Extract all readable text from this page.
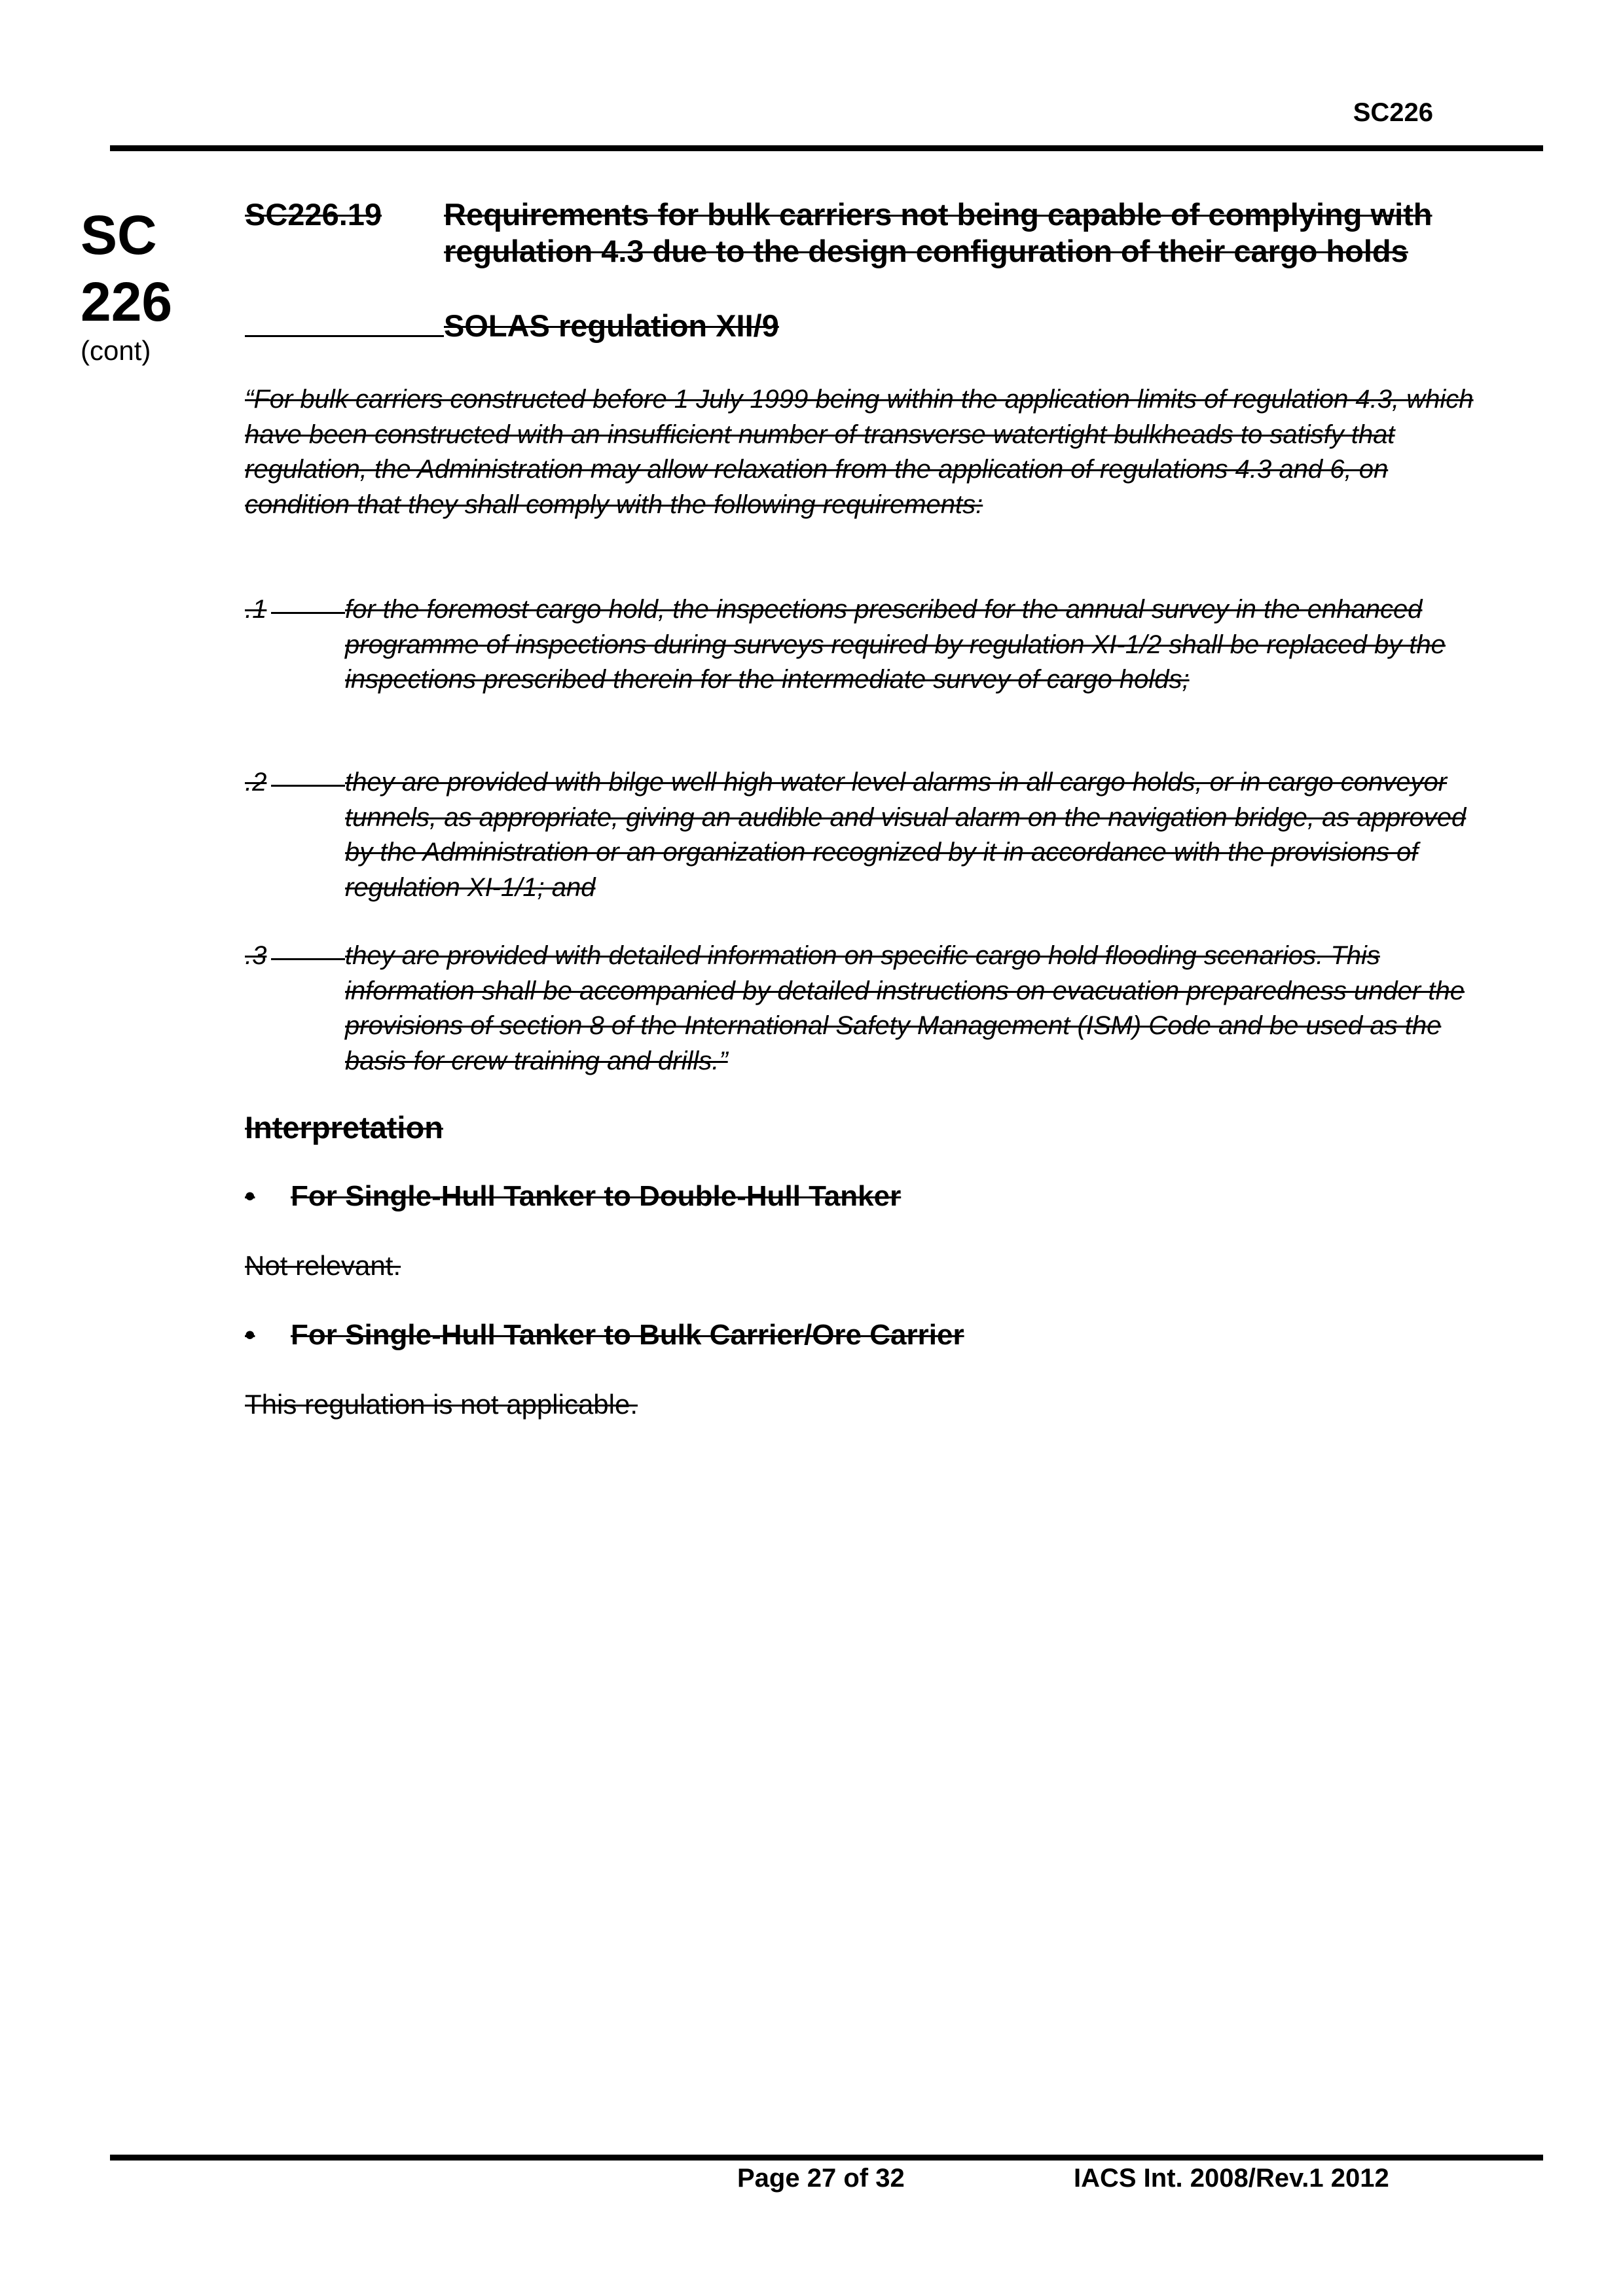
SC226
SC
226
(cont)
SC226.19 Requirements for bulk carriers not being capable of complying with regulation 4.3 due to the design configuration of their cargo holds
SOLAS regulation XII/9
“For bulk carriers constructed before 1 July 1999 being within the application limits of regulation 4.3, which have been constructed with an insufficient number of transverse watertight bulkheads to satisfy that regulation, the Administration may allow relaxation from the application of regulations 4.3 and 6, on condition that they shall comply with the following requirements:
.1	for the foremost cargo hold, the inspections prescribed for the annual survey in the enhanced programme of inspections during surveys required by regulation XI-1/2 shall be replaced by the inspections prescribed therein for the intermediate survey of cargo holds;
.2	they are provided with bilge well high water level alarms in all cargo holds, or in cargo conveyor tunnels, as appropriate, giving an audible and visual alarm on the navigation bridge, as approved by the Administration or an organization recognized by it in accordance with the provisions of regulation XI-1/1; and
.3	they are provided with detailed information on specific cargo hold flooding scenarios. This information shall be accompanied by detailed instructions on evacuation preparedness under the provisions of section 8 of the International Safety Management (ISM) Code and be used as the basis for crew training and drills.”
Interpretation
• For Single-Hull Tanker to Double-Hull Tanker
Not relevant.
• For Single-Hull Tanker to Bulk Carrier/Ore Carrier
This regulation is not applicable.
Page 27 of 32	IACS Int. 2008/Rev.1 2012
